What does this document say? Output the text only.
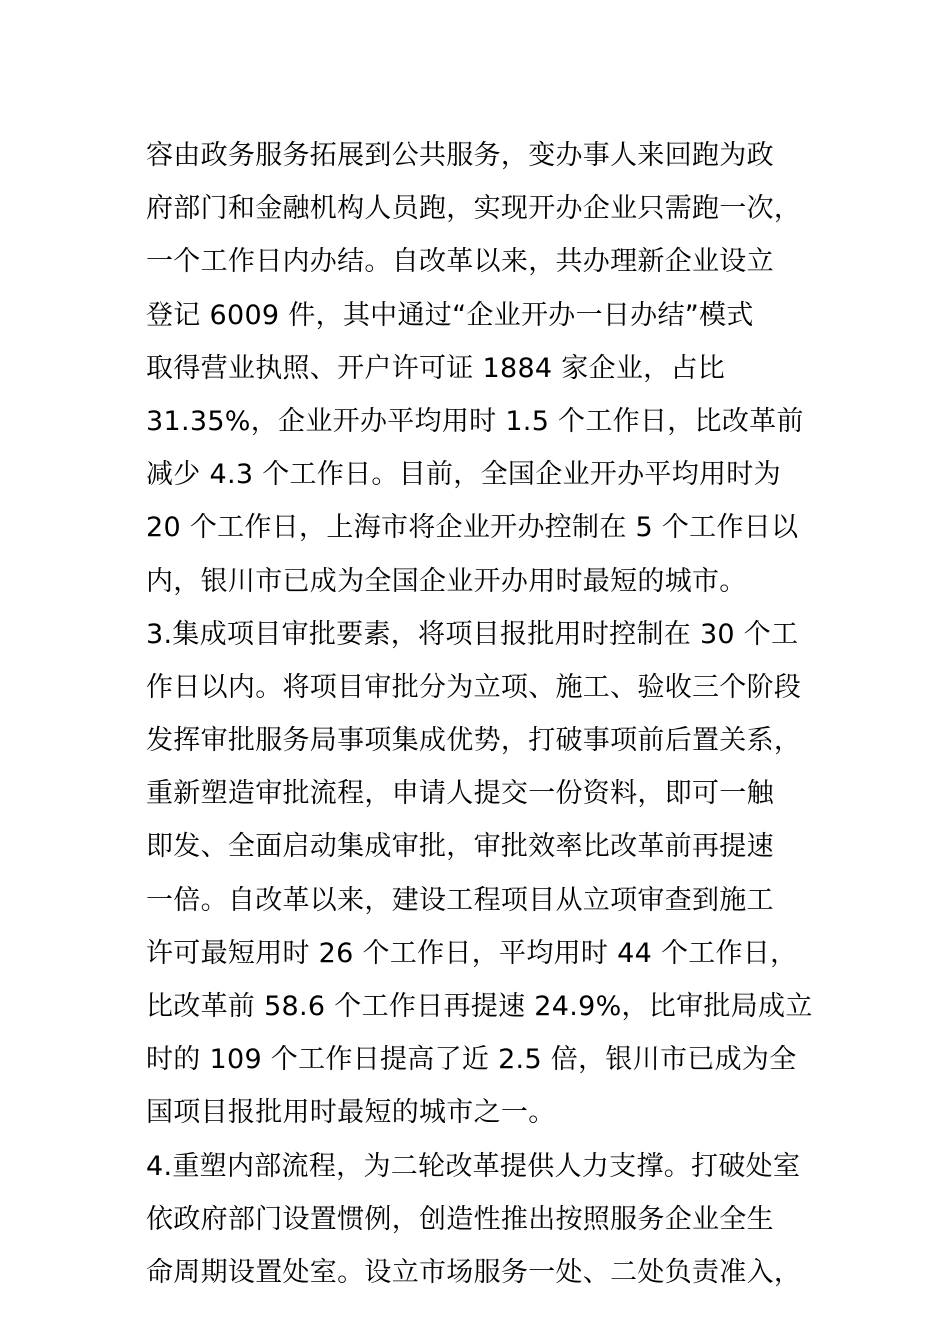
容由政务服务拓展到公共服务，变办事人来回跑为政
府部门和金融机构人员跑，实现开办企业只需跑一次，
一个工作日内办结。自改革以来，共办理新企业设立
登记 6009 件，其中通过“企业开办一日办结”模式
取得营业执照、开户许可证 1884 家企业，占比
31.35%，企业开办平均用时 1.5 个工作日，比改革前
减少 4.3 个工作日。目前，全国企业开办平均用时为
20 个工作日，上海市将企业开办控制在 5 个工作日以
内，银川市已成为全国企业开办用时最短的城市。
3.集成项目审批要素，将项目报批用时控制在 30 个工
作日以内。将项目审批分为立项、施工、验收三个阶段
发挥审批服务局事项集成优势，打破事项前后置关系，
重新塑造审批流程，申请人提交一份资料，即可一触
即发、全面启动集成审批，审批效率比改革前再提速
一倍。自改革以来，建设工程项目从立项审查到施工
许可最短用时 26 个工作日，平均用时 44 个工作日，
比改革前 58.6 个工作日再提速 24.9%，比审批局成立
时的 109 个工作日提高了近 2.5 倍，银川市已成为全
国项目报批用时最短的城市之一。
4.重塑内部流程，为二轮改革提供人力支撑。打破处室
依政府部门设置惯例，创造性推出按照服务企业全生
命周期设置处室。设立市场服务一处、二处负责准入，
